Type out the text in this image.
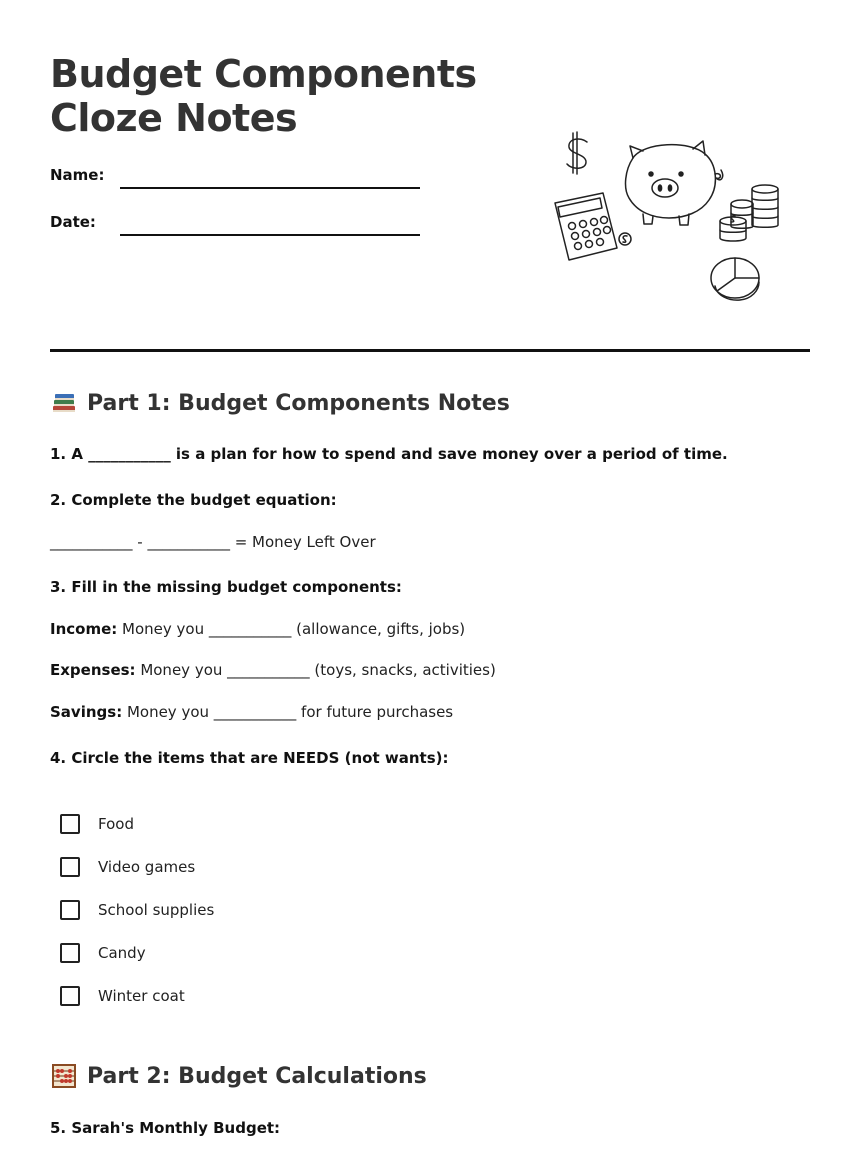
Budget Components
Cloze Notes
Name:
Date:
Part 1: Budget Components Notes
1. A ___________ is a plan for how to spend and save money over a period of time.
2. Complete the budget equation:
___________ - ___________ = Money Left Over
3. Fill in the missing budget components:
Income: Money you ___________ (allowance, gifts, jobs)
Expenses: Money you ___________ (toys, snacks, activities)
Savings: Money you ___________ for future purchases
4. Circle the items that are NEEDS (not wants):
Food
Video games
School supplies
Candy
Winter coat
Part 2: Budget Calculations
5. Sarah's Monthly Budget:
